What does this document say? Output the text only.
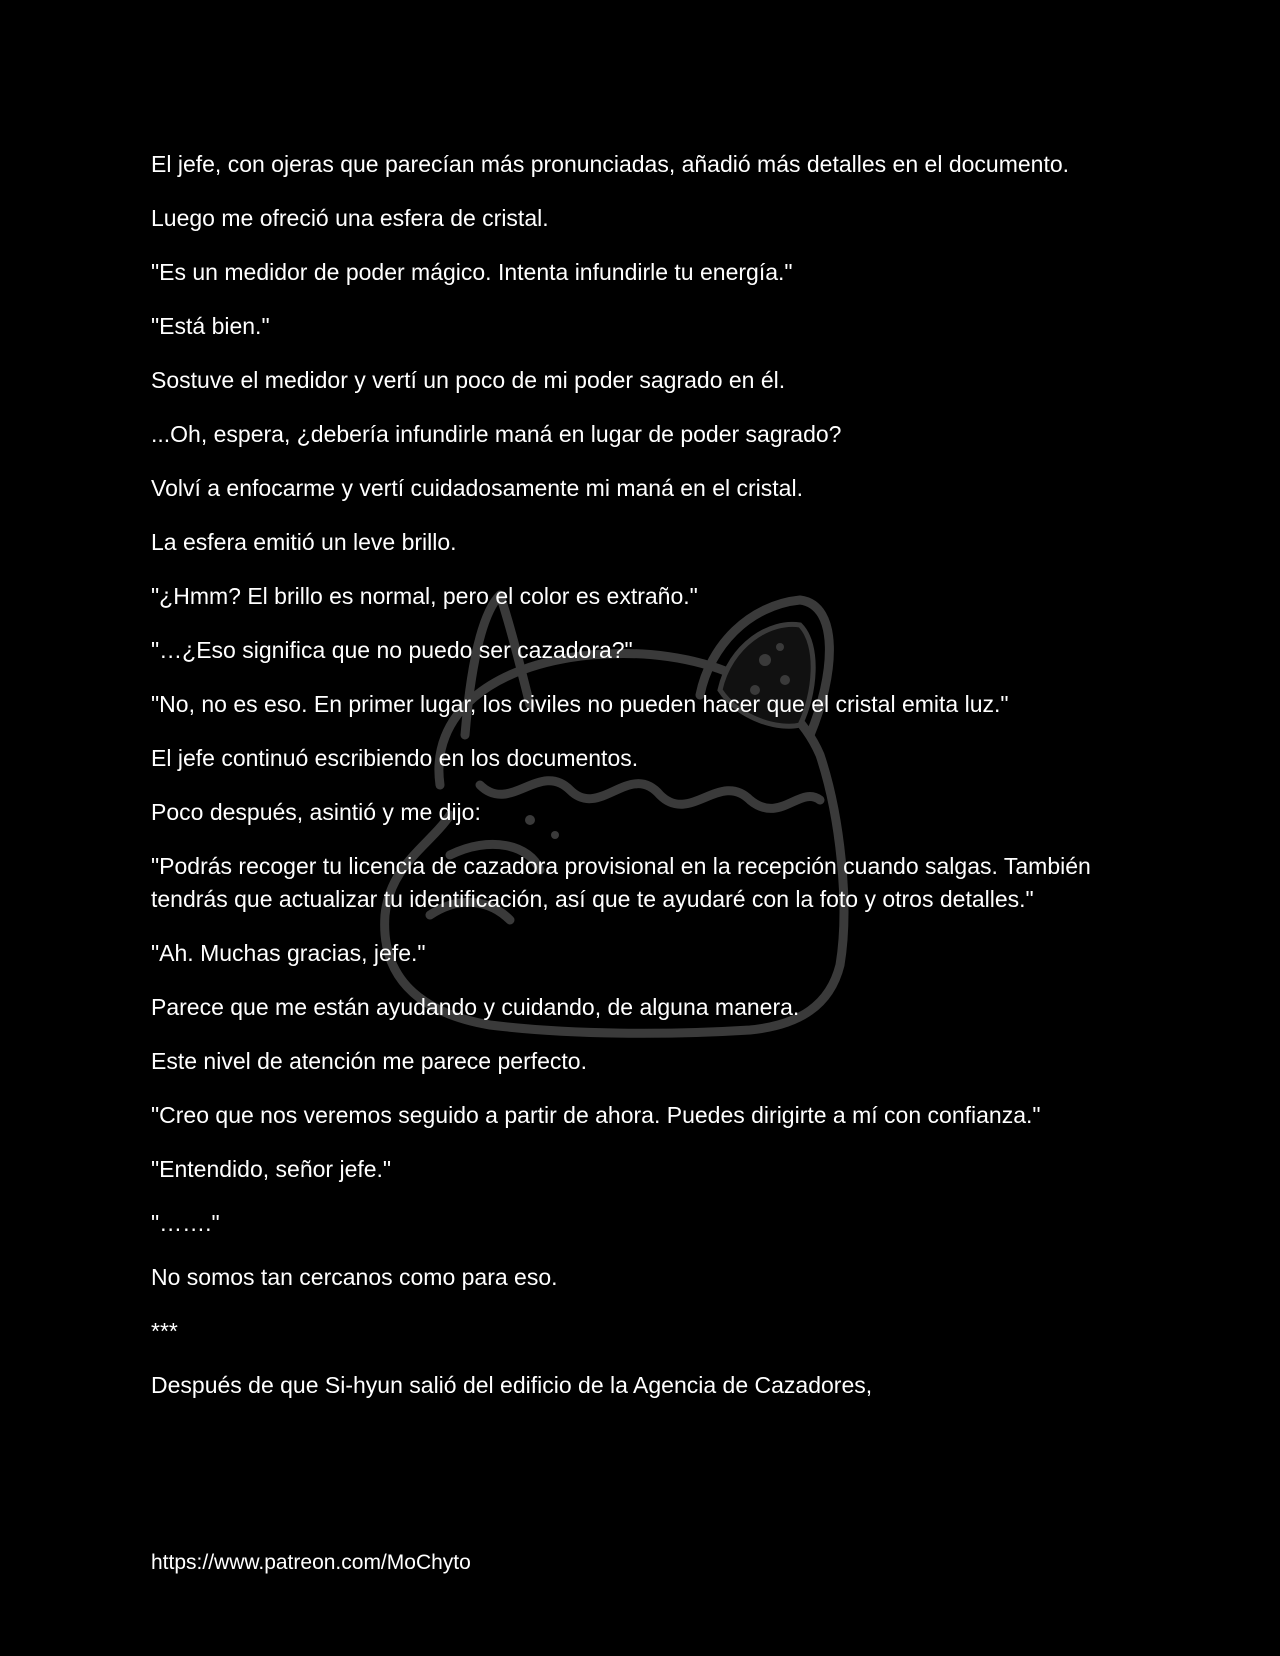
El jefe, con ojeras que parecían más pronunciadas, añadió más detalles en el documento.

Luego me ofreció una esfera de cristal.

"Es un medidor de poder mágico. Intenta infundirle tu energía."

"Está bien."

Sostuve el medidor y vertí un poco de mi poder sagrado en él.

...Oh, espera, ¿debería infundirle maná en lugar de poder sagrado?

Volví a enfocarme y vertí cuidadosamente mi maná en el cristal.

La esfera emitió un leve brillo.

"¿Hmm? El brillo es normal, pero el color es extraño."

"…¿Eso significa que no puedo ser cazadora?"

"No, no es eso. En primer lugar, los civiles no pueden hacer que el cristal emita luz."

El jefe continuó escribiendo en los documentos.

Poco después, asintió y me dijo:

"Podrás recoger tu licencia de cazadora provisional en la recepción cuando salgas. También tendrás que actualizar tu identificación, así que te ayudaré con la foto y otros detalles."

"Ah. Muchas gracias, jefe."

Parece que me están ayudando y cuidando, de alguna manera.

Este nivel de atención me parece perfecto.

"Creo que nos veremos seguido a partir de ahora. Puedes dirigirte a mí con confianza."

"Entendido, señor jefe."

"……."

No somos tan cercanos como para eso.

***

Después de que Si-hyun salió del edificio de la Agencia de Cazadores,

https://www.patreon.com/MoChyto
